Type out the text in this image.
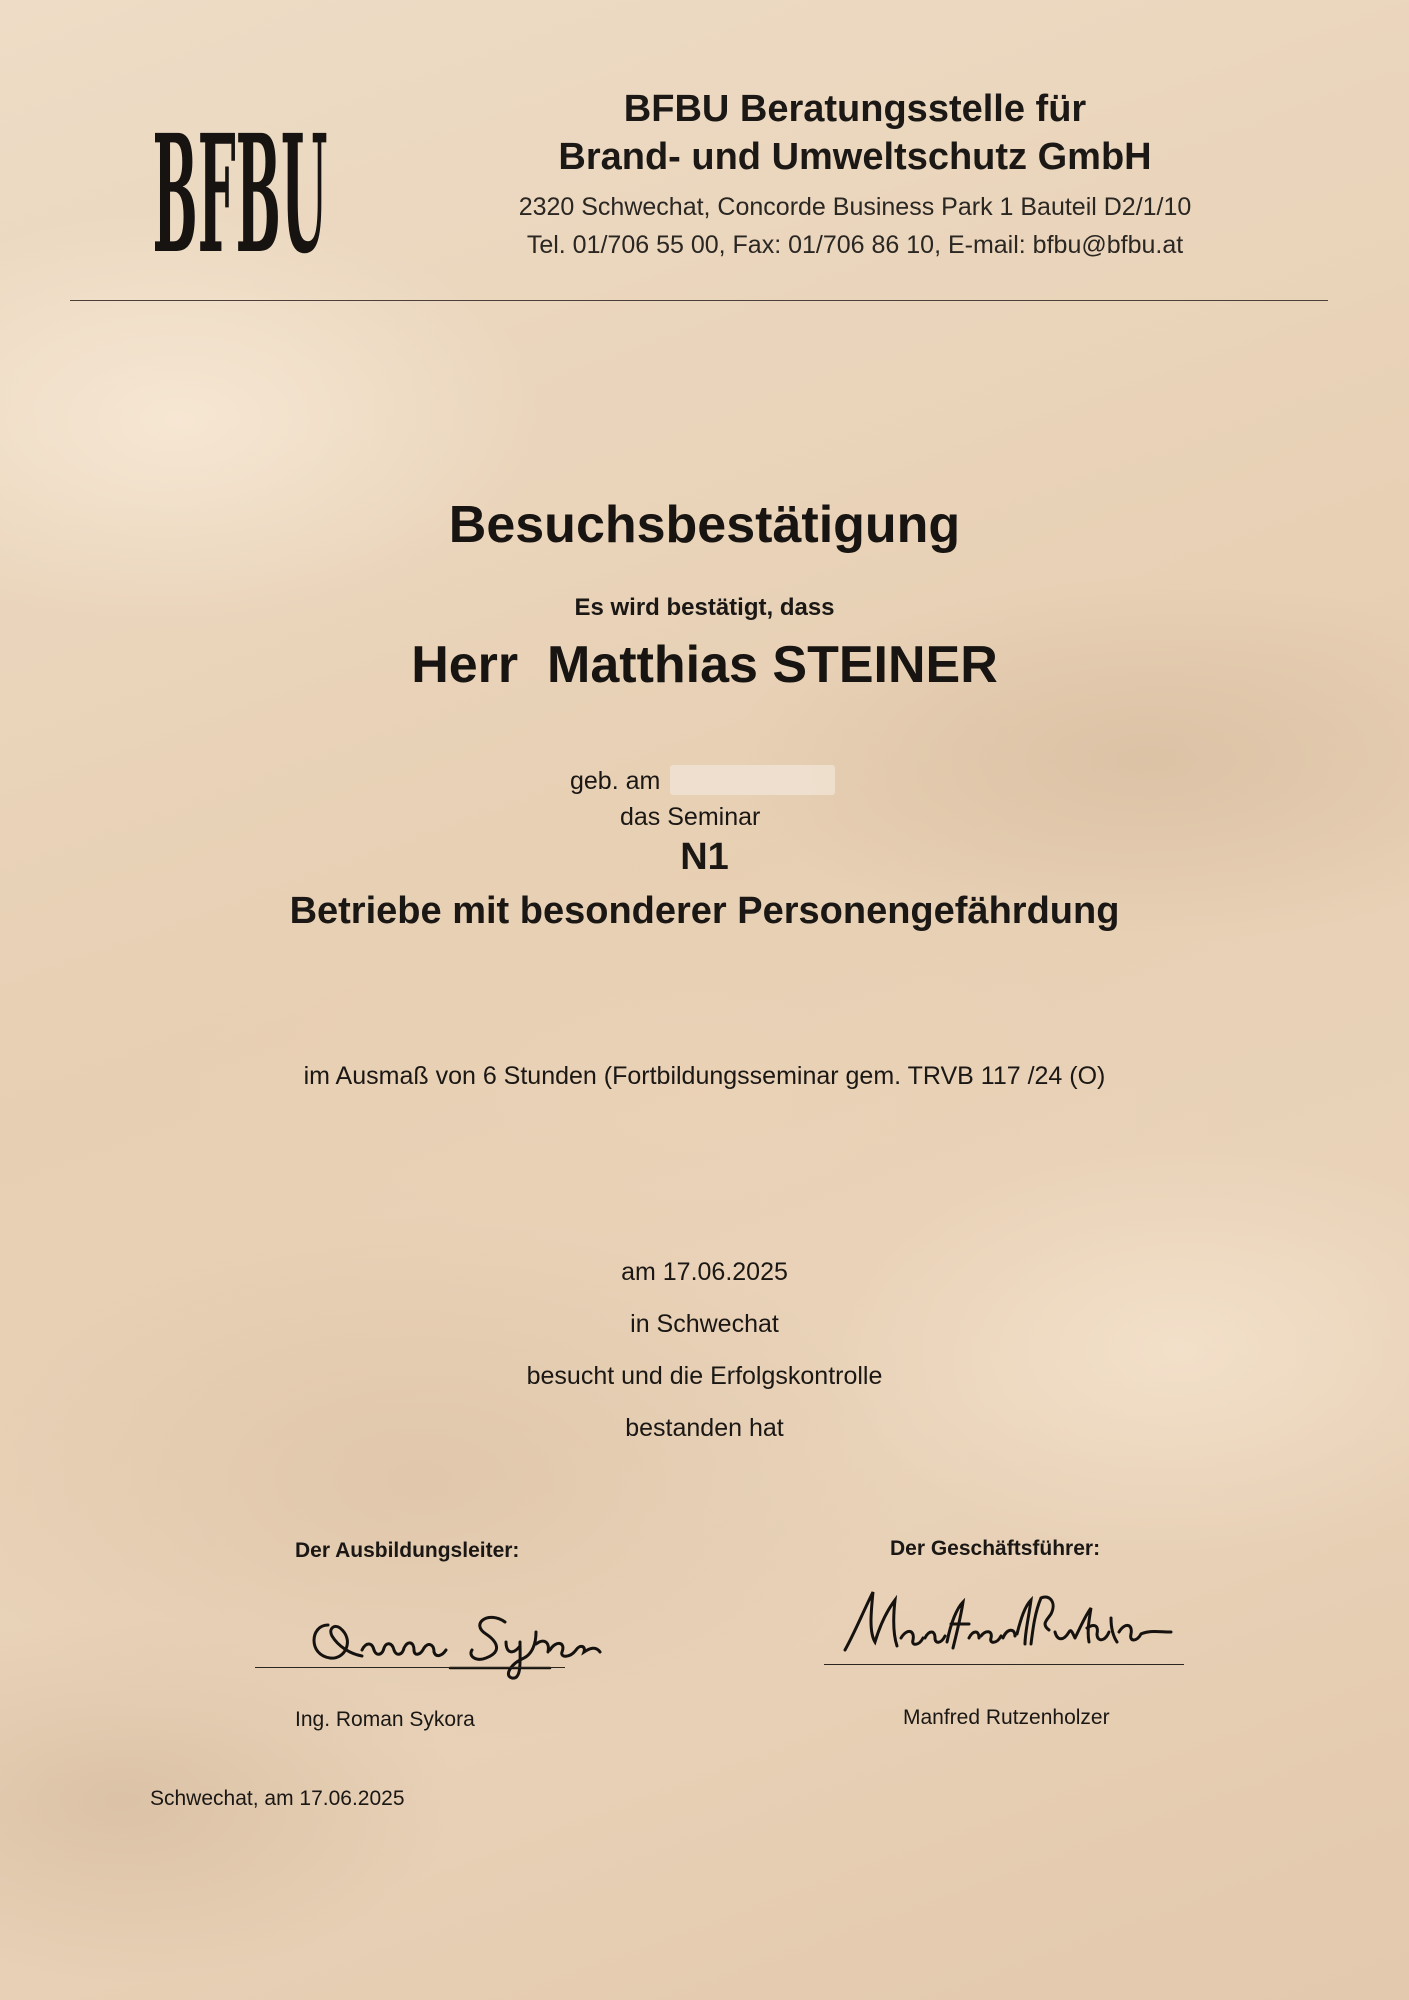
BFBU	BFBU Beratungsstelle für
Brand- und Umweltschutz GmbH
2320 Schwechat, Concorde Business Park 1 Bauteil D2/1/10
Tel. 01/706 55 00, Fax: 01/706 86 10, E-mail: bfbu@bfbu.at
Besuchsbestätigung
Es wird bestätigt, dass
Herr  Matthias STEINER
geb. am
das Seminar
N1
Betriebe mit besonderer Personengefährdung
im Ausmaß von 6 Stunden (Fortbildungsseminar gem. TRVB 117 /24 (O)
am 17.06.2025
in Schwechat
besucht und die Erfolgskontrolle
bestanden hat
Der Ausbildungsleiter:	Der Geschäftsführer:
Ing. Roman Sykora	Manfred Rutzenholzer
Schwechat, am 17.06.2025
